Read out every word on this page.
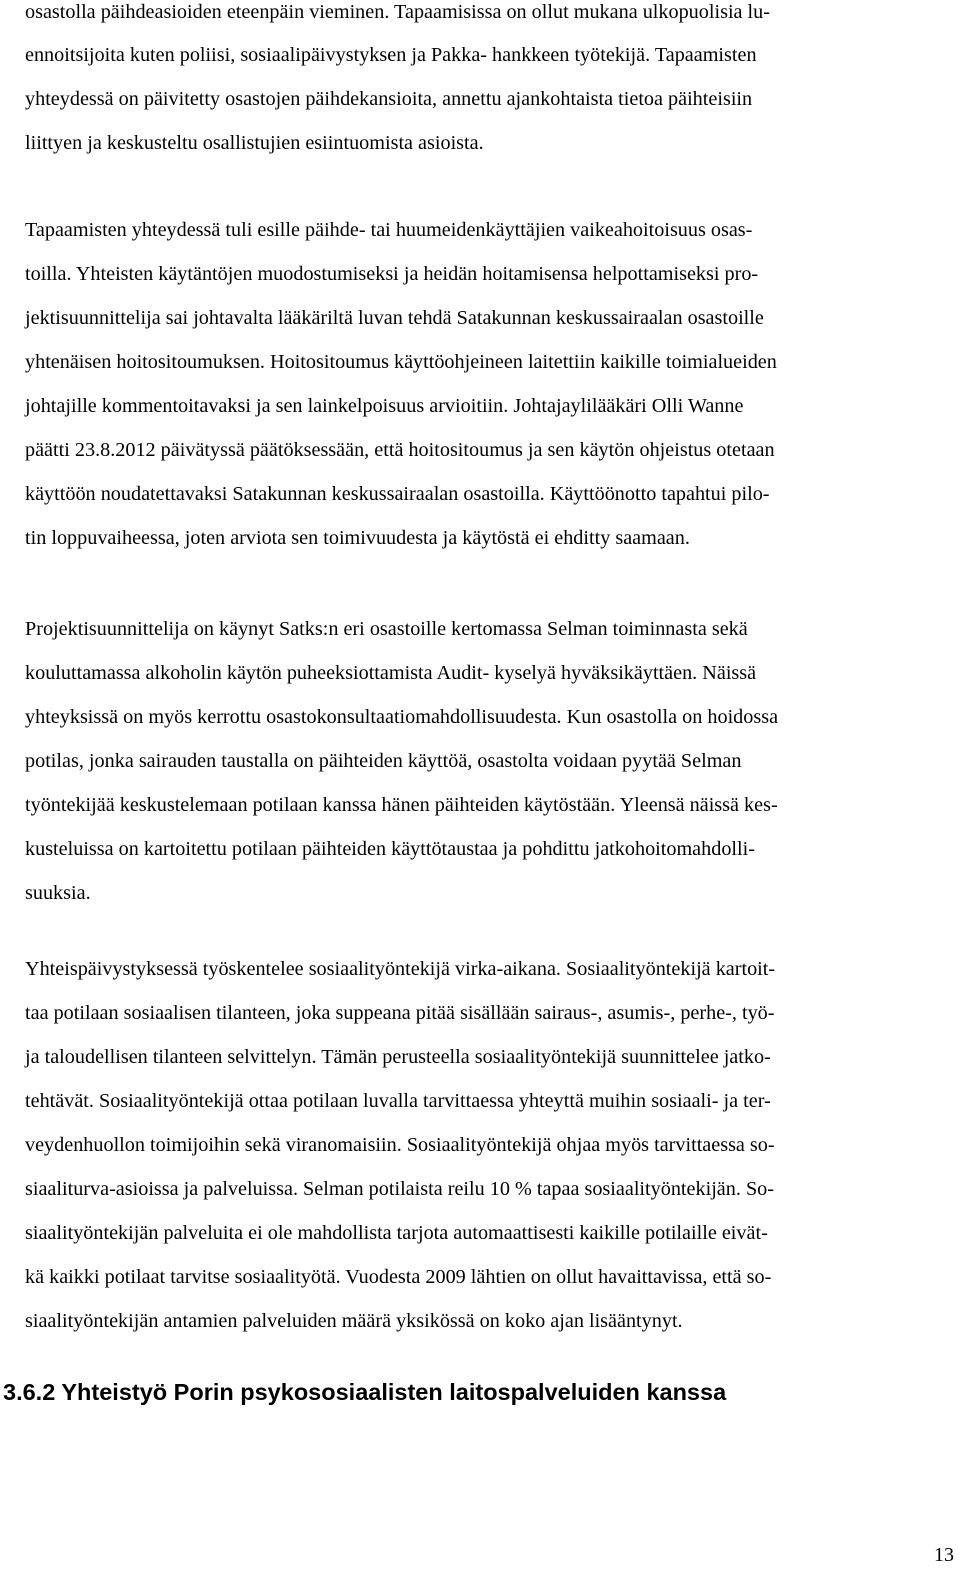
osastolla päihdeasioiden eteenpäin vieminen. Tapaamisissa on ollut mukana ulkopuolisia lu-
ennoitsijoita kuten poliisi, sosiaalipäivystyksen ja Pakka- hankkeen työtekijä. Tapaamisten
yhteydessä on päivitetty osastojen päihdekansioita, annettu ajankohtaista tietoa päihteisiin
liittyen ja keskusteltu osallistujien esiintuomista asioista.
Tapaamisten yhteydessä tuli esille päihde- tai huumeidenkäyttäjien vaikeahoitoisuus osas-
toilla. Yhteisten käytäntöjen muodostumiseksi ja heidän hoitamisensa helpottamiseksi pro-
jektisuunnittelija sai johtavalta lääkäriltä luvan tehdä Satakunnan keskussairaalan osastoille
yhtenäisen hoitositoumuksen. Hoitositoumus käyttöohjeineen laitettiin kaikille toimialueiden
johtajille kommentoitavaksi ja sen lainkelpoisuus arvioitiin. Johtajaylilääkäri Olli Wanne
päätti 23.8.2012 päivätyssä päätöksessään, että hoitositoumus ja sen käytön ohjeistus otetaan
käyttöön noudatettavaksi Satakunnan keskussairaalan osastoilla. Käyttöönotto tapahtui pilo-
tin loppuvaiheessa, joten arviota sen toimivuudesta ja käytöstä ei ehditty saamaan.
Projektisuunnittelija on käynyt Satks:n eri osastoille kertomassa Selman toiminnasta sekä
kouluttamassa alkoholin käytön puheeksiottamista Audit- kyselyä hyväksikäyttäen. Näissä
yhteyksissä on myös kerrottu osastokonsultaatiomahdollisuudesta. Kun osastolla on hoidossa
potilas, jonka sairauden taustalla on päihteiden käyttöä, osastolta voidaan pyytää Selman
työntekijää keskustelemaan potilaan kanssa hänen päihteiden käytöstään. Yleensä näissä kes-
kusteluissa on kartoitettu potilaan päihteiden käyttötaustaa ja pohdittu jatkohoitomahdolli-
suuksia.
Yhteispäivystyksessä työskentelee sosiaalityöntekijä virka-aikana. Sosiaalityöntekijä kartoit-
taa potilaan sosiaalisen tilanteen, joka suppeana pitää sisällään sairaus-, asumis-, perhe-, työ-
ja taloudellisen tilanteen selvittelyn. Tämän perusteella sosiaalityöntekijä suunnittelee jatko-
tehtävät. Sosiaalityöntekijä ottaa potilaan luvalla tarvittaessa yhteyttä muihin sosiaali- ja ter-
veydenhuollon toimijoihin sekä viranomaisiin. Sosiaalityöntekijä ohjaa myös tarvittaessa so-
siaaliturva-asioissa ja palveluissa. Selman potilaista reilu 10 % tapaa sosiaalityöntekijän. So-
siaalityöntekijän palveluita ei ole mahdollista tarjota automaattisesti kaikille potilaille eivät-
kä kaikki potilaat tarvitse sosiaalityötä. Vuodesta 2009 lähtien on ollut havaittavissa, että so-
siaalityöntekijän antamien palveluiden määrä yksikössä on koko ajan lisääntynyt.
3.6.2 Yhteistyö Porin psykososiaalisten laitospalveluiden kanssa
13
